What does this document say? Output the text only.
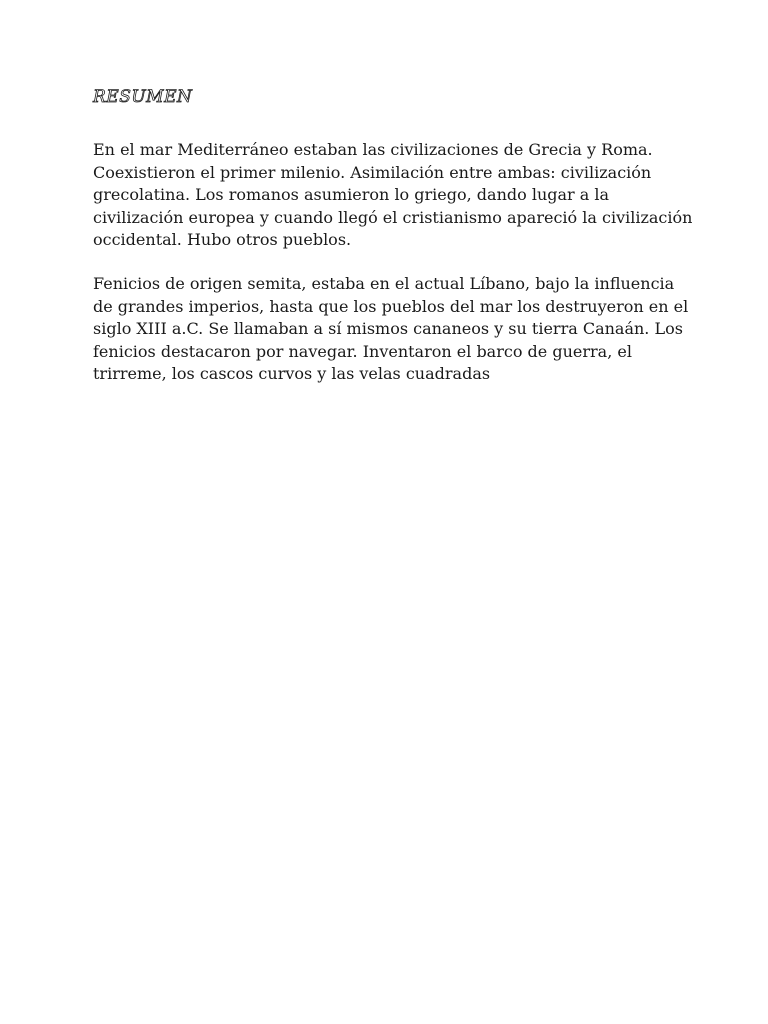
RESUMEN

En el mar Mediterráneo estaban las civilizaciones de Grecia y Roma.
Coexistieron el primer milenio. Asimilación entre ambas: civilización
grecolatina. Los romanos asumieron lo griego, dando lugar a la
civilización europea y cuando llegó el cristianismo apareció la civilización
occidental. Hubo otros pueblos.

Fenicios de origen semita, estaba en el actual Líbano, bajo la influencia
de grandes imperios, hasta que los pueblos del mar los destruyeron en el
siglo XIII a.C. Se llamaban a sí mismos cananeos y su tierra Canaán. Los
fenicios destacaron por navegar. Inventaron el barco de guerra, el
trirreme, los cascos curvos y las velas cuadradas
